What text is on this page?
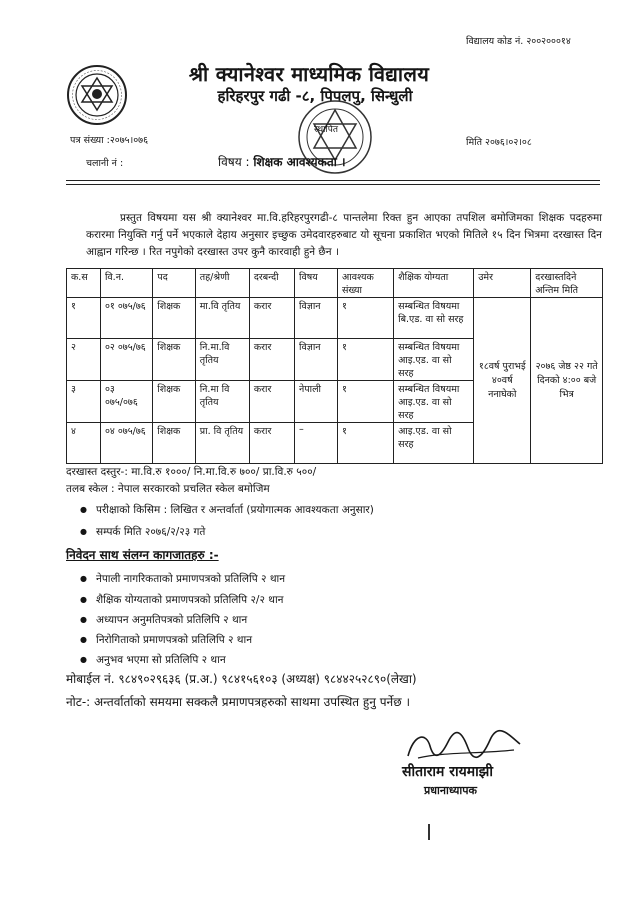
विद्यालय कोड नं. २००२०००१४
श्री क्यानेश्वर माध्यमिक विद्यालय
हरिहरपुर गढी -८, पिपलपु, सिन्धुली
स्थापित
पत्र संख्या :२०७५।०७६	मिति २०७६।०२।०८
चलानी नं :	विषय : शिक्षक आवश्यकता ।
प्रस्तुत विषयमा यस श्री क्यानेश्वर मा.वि.हरिहरपुरगढी-८ पान्तलेमा रिक्त हुन आएका तपशिल बमोजिमका शिक्षक पदहरुमा करारमा नियुक्ति गर्नु पर्ने भएकाले देहाय अनुसार इच्छुक उमेदवारहरुबाट यो सूचना प्रकाशित भएको मितिले १५ दिन भित्रमा दरखास्त दिन आह्वान गरिन्छ । रित नपुगेको दरखास्त उपर कुनै कारवाही हुने छैन ।
क.स	वि.न.	पद	तह/श्रेणी	दरबन्दी	विषय	आवश्यक संख्या	शैक्षिक योग्यता	उमेर	दरखास्तदिने अन्तिम मिति
१	०१ ०७५/७६	शिक्षक	मा.वि तृतिय	करार	विज्ञान	१	सम्बन्धित विषयमा बि.एड. वा सो सरह	१८वर्ष पुराभई ४०वर्ष ननाघेको	२०७६ जेष्ठ २२ गते दिनको ४:०० बजे भित्र
२	०२ ०७५/७६	शिक्षक	नि.मा.वि तृतिय	करार	विज्ञान	१	सम्बन्धित विषयमा आइ.एड. वा सो सरह		
३	०३ ०७५/०७६	शिक्षक	नि.मा वि तृतिय	करार	नेपाली	१	सम्बन्धित विषयमा आइ.एड. वा सो सरह		
४	०४ ०७५/७६	शिक्षक	प्रा. वि तृतिय	करार	–	१	आइ.एड. वा सो सरह		
दरखास्त दस्तुर-: मा.वि.रु १०००/ नि.मा.वि.रु ७००/ प्रा.वि.रु ५००/
तलब स्केल : नेपाल सरकारको प्रचलित स्केल बमोजिम
● परीक्षाको किसिम : लिखित र अन्तर्वार्ता (प्रयोगात्मक आवश्यकता अनुसार)
● सम्पर्क मिति २०७६/२/२३ गते
निवेदन साथ संलग्न कागजातहरु :-
● नेपाली नागरिकताको प्रमाणपत्रको प्रतिलिपि २ थान
● शैक्षिक योग्यताको प्रमाणपत्रको प्रतिलिपि २/२ थान
● अध्यापन अनुमतिपत्रको प्रतिलिपि २ थान
● निरोगिताको प्रमाणपत्रको प्रतिलिपि २ थान
● अनुभव भएमा सो प्रतिलिपि २ थान
मोबाईल नं. ९८४९०२९६३६ (प्र.अ.) ९८४१५६१०३ (अध्यक्ष) ९८४४२५२८९०(लेखा)
नोट-: अन्तर्वार्ताको समयमा सक्कलै प्रमाणपत्रहरुको साथमा उपस्थित हुनु पर्नेछ ।
सीताराम रायमाझी
प्रधानाध्यापक
